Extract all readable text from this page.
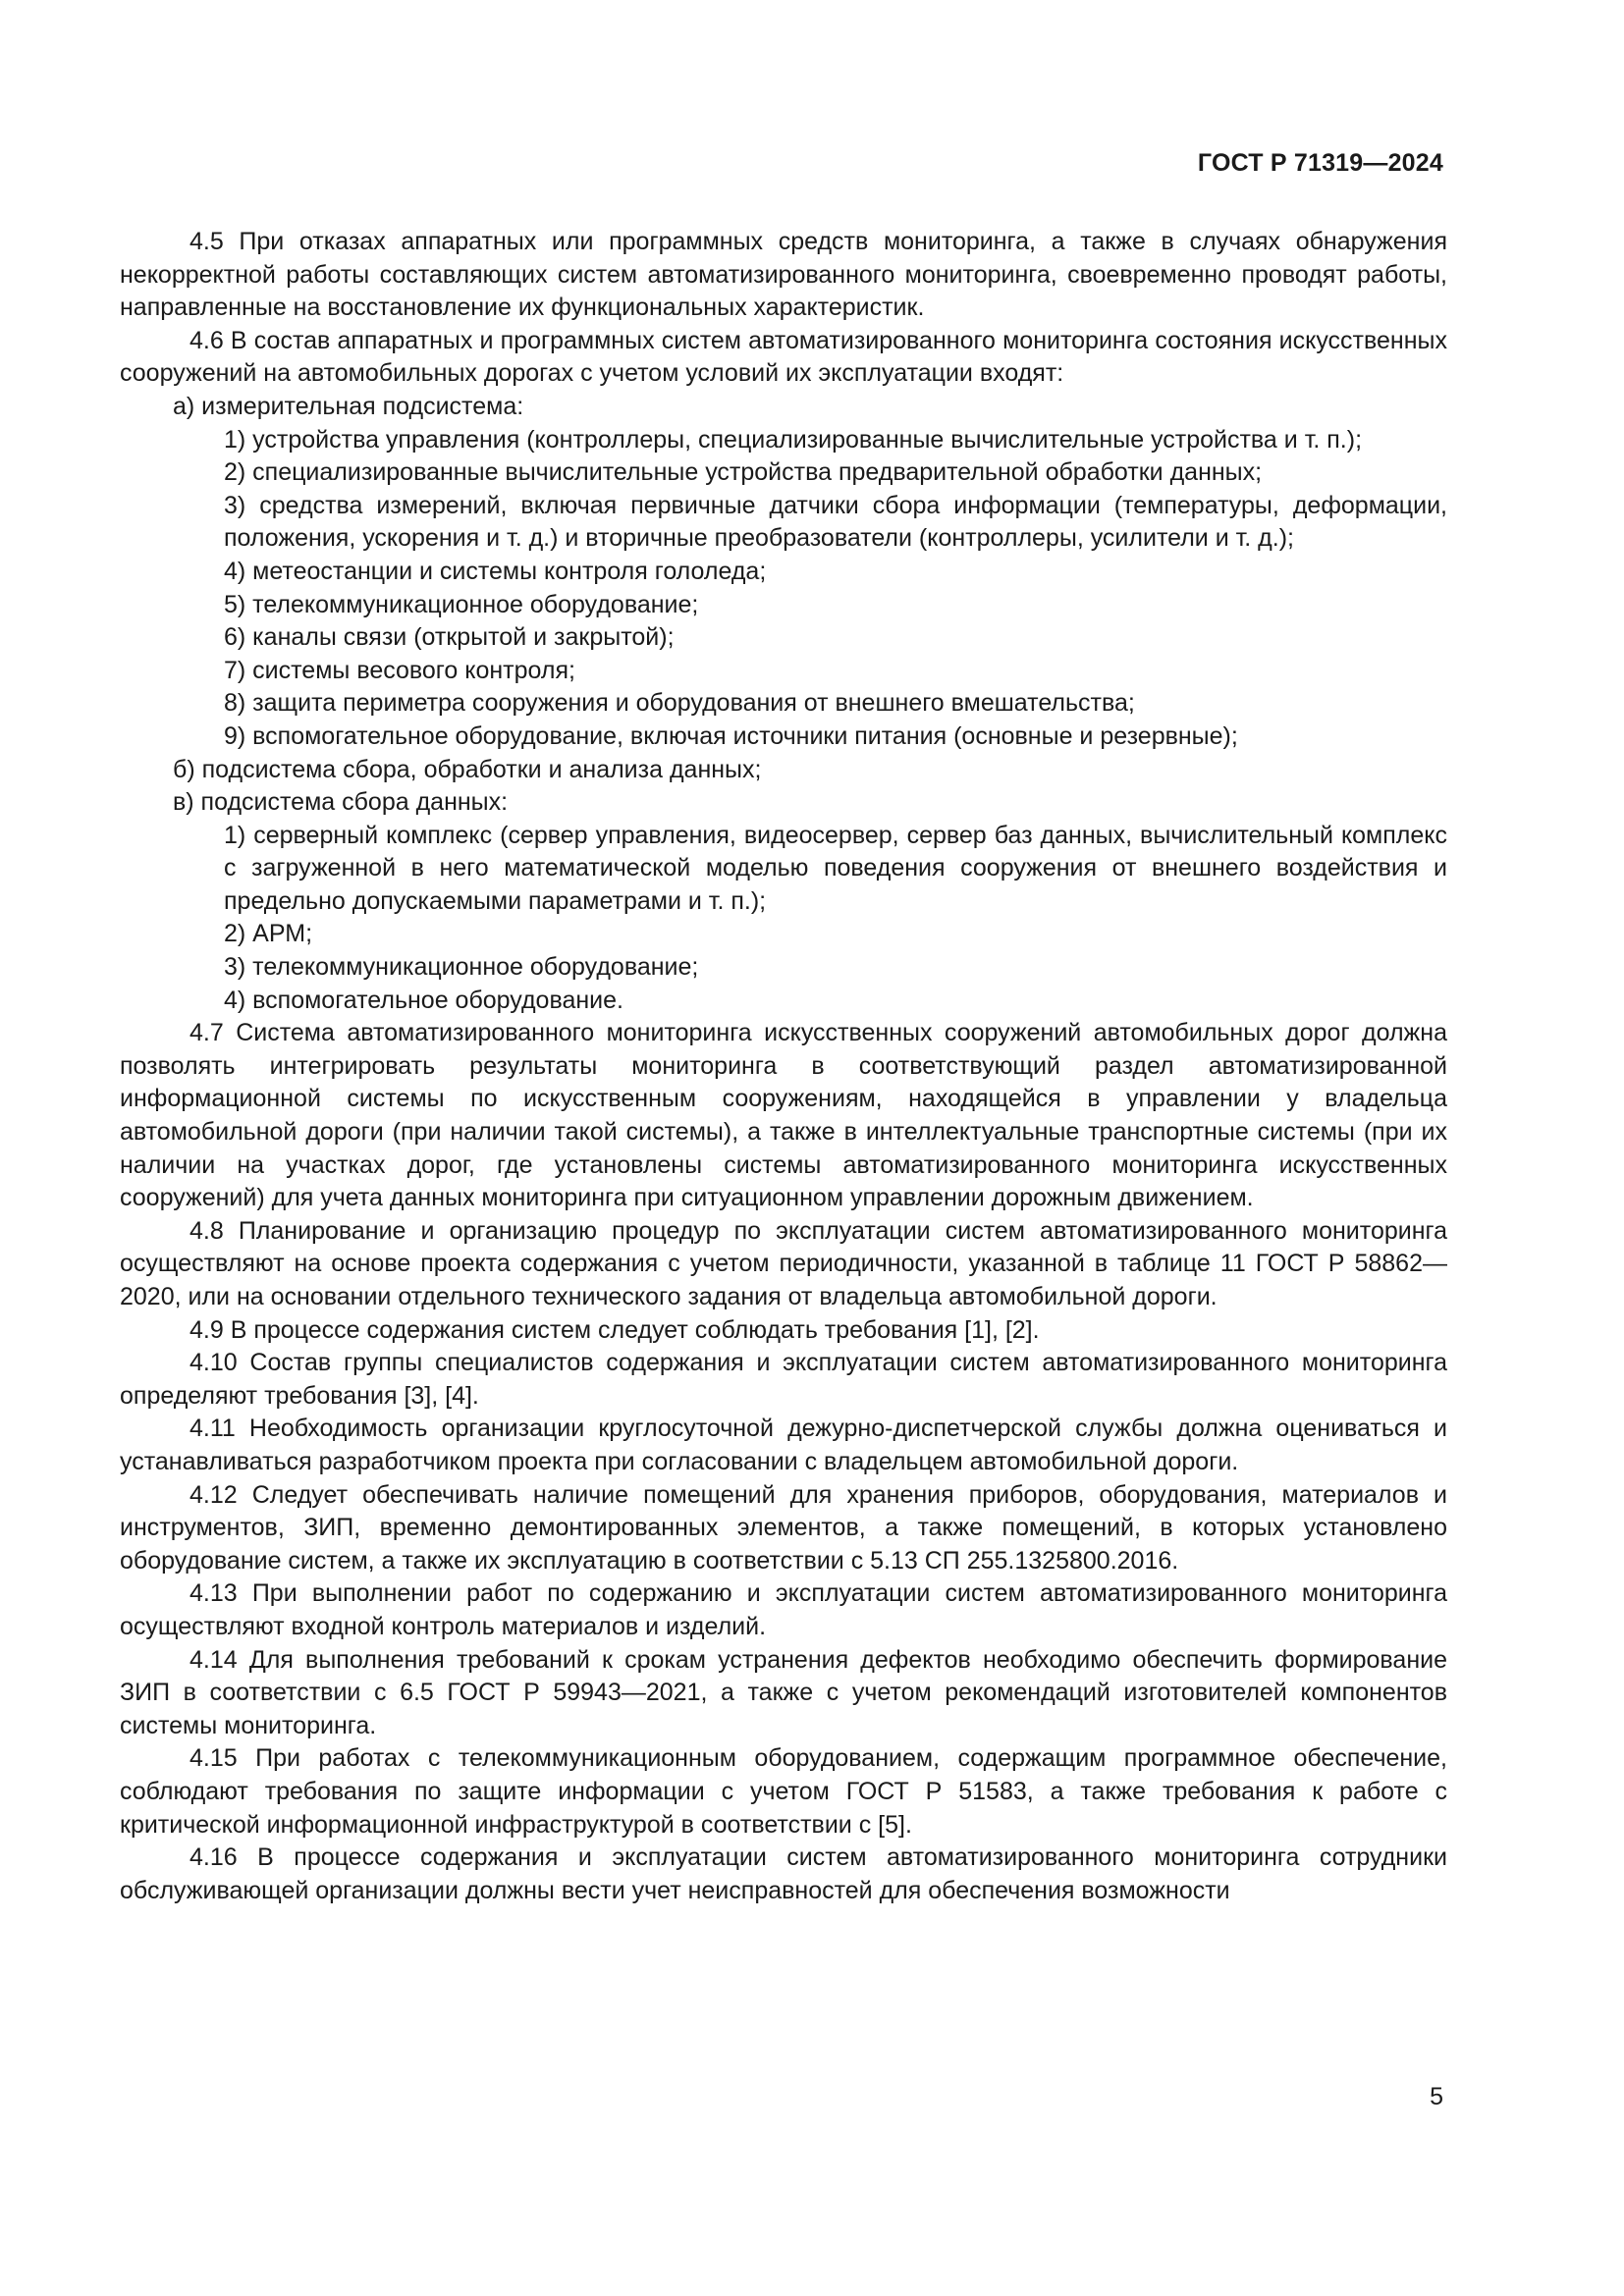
ГОСТ Р 71319—2024

4.5 При отказах аппаратных или программных средств мониторинга, а также в случаях обнаружения некорректной работы составляющих систем автоматизированного мониторинга, своевременно проводят работы, направленные на восстановление их функциональных характеристик.

4.6 В состав аппаратных и программных систем автоматизированного мониторинга состояния искусственных сооружений на автомобильных дорогах с учетом условий их эксплуатации входят:

а) измерительная подсистема:

1) устройства управления (контроллеры, специализированные вычислительные устройства и т. п.);

2) специализированные вычислительные устройства предварительной обработки данных;

3) средства измерений, включая первичные датчики сбора информации (температуры, деформации, положения, ускорения и т. д.) и вторичные преобразователи (контроллеры, усилители и т. д.);

4) метеостанции и системы контроля гололеда;

5) телекоммуникационное оборудование;

6) каналы связи (открытой и закрытой);

7) системы весового контроля;

8) защита периметра сооружения и оборудования от внешнего вмешательства;

9) вспомогательное оборудование, включая источники питания (основные и резервные);

б) подсистема сбора, обработки и анализа данных;

в) подсистема сбора данных:

1) серверный комплекс (сервер управления, видеосервер, сервер баз данных, вычислительный комплекс с загруженной в него математической моделью поведения сооружения от внешнего воздействия и предельно допускаемыми параметрами и т. п.);

2) АРМ;

3) телекоммуникационное оборудование;

4) вспомогательное оборудование.

4.7 Система автоматизированного мониторинга искусственных сооружений автомобильных дорог должна позволять интегрировать результаты мониторинга в соответствующий раздел автоматизированной информационной системы по искусственным сооружениям, находящейся в управлении у владельца автомобильной дороги (при наличии такой системы), а также в интеллектуальные транспортные системы (при их наличии на участках дорог, где установлены системы автоматизированного мониторинга искусственных сооружений) для учета данных мониторинга при ситуационном управлении дорожным движением.

4.8 Планирование и организацию процедур по эксплуатации систем автоматизированного мониторинга осуществляют на основе проекта содержания с учетом периодичности, указанной в таблице 11 ГОСТ Р 58862—2020, или на основании отдельного технического задания от владельца автомобильной дороги.

4.9 В процессе содержания систем следует соблюдать требования [1], [2].

4.10 Состав группы специалистов содержания и эксплуатации систем автоматизированного мониторинга определяют требования [3], [4].

4.11 Необходимость организации круглосуточной дежурно-диспетчерской службы должна оцениваться и устанавливаться разработчиком проекта при согласовании с владельцем автомобильной дороги.

4.12 Следует обеспечивать наличие помещений для хранения приборов, оборудования, материалов и инструментов, ЗИП, временно демонтированных элементов, а также помещений, в которых установлено оборудование систем, а также их эксплуатацию в соответствии с 5.13 СП 255.1325800.2016.

4.13 При выполнении работ по содержанию и эксплуатации систем автоматизированного мониторинга осуществляют входной контроль материалов и изделий.

4.14 Для выполнения требований к срокам устранения дефектов необходимо обеспечить формирование ЗИП в соответствии с 6.5 ГОСТ Р 59943—2021, а также с учетом рекомендаций изготовителей компонентов системы мониторинга.

4.15 При работах с телекоммуникационным оборудованием, содержащим программное обеспечение, соблюдают требования по защите информации с учетом ГОСТ Р 51583, а также требования к работе с критической информационной инфраструктурой в соответствии с [5].

4.16 В процессе содержания и эксплуатации систем автоматизированного мониторинга сотрудники обслуживающей организации должны вести учет неисправностей для обеспечения возможности

5
